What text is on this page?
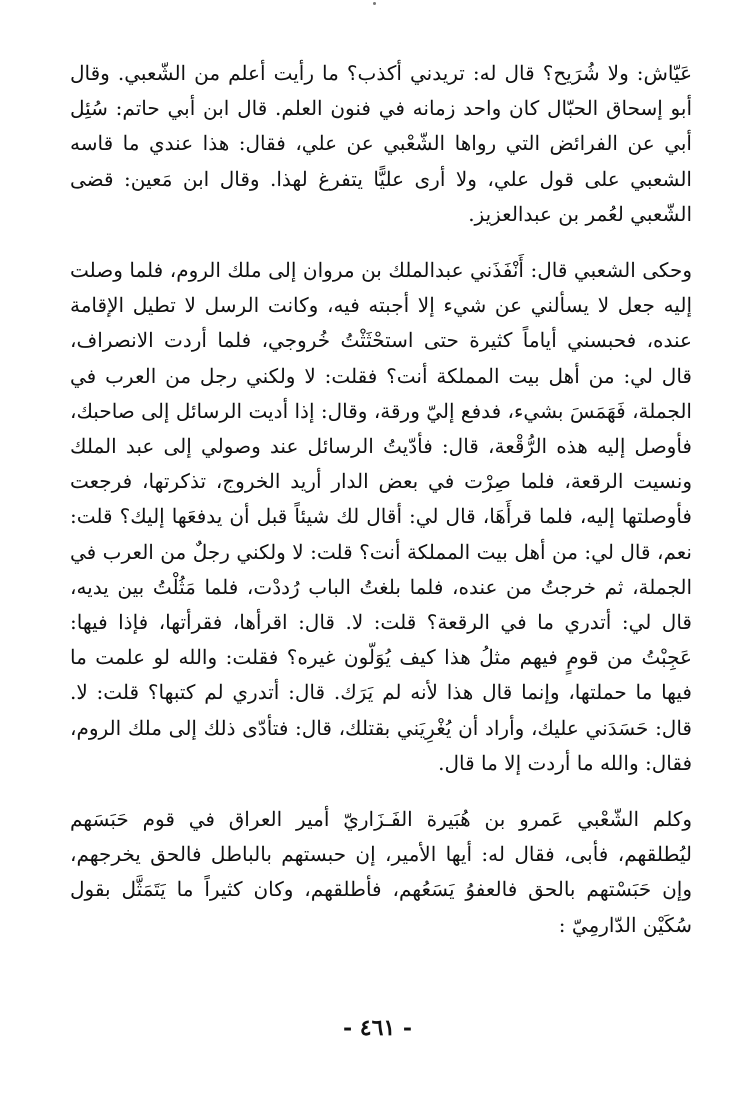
عَيّاش: ولا شُرَيح؟ قال له: تريدني أكذب؟ ما رأيت أعلم من الشّعبي. وقال أبو إسحاق الحبّال كان واحد زمانه في فنون العلم. قال ابن أبي حاتم: سُئِل أبي عن الفرائض التي رواها الشّعْبي عن علي، فقال: هذا عندي ما قاسه الشعبي على قول علي، ولا أرى عليًّا يتفرغ لهذا. وقال ابن مَعين: قضى الشّعبي لعُمر بن عبدالعزيز.

وحكى الشعبي قال: أَنْفَذَني عبدالملك بن مروان إلى ملك الروم، فلما وصلت إليه جعل لا يسألني عن شيء إلا أجبته فيه، وكانت الرسل لا تطيل الإقامة عنده، فحبسني أياماً كثيرة حتى استحْثَثْتُ خُروجي، فلما أردت الانصراف، قال لي: من أهل بيت المملكة أنت؟ فقلت: لا ولكني رجل من العرب في الجملة، فَهَمَسَ بشيء، فدفع إليّ ورقة، وقال: إذا أديت الرسائل إلى صاحبك، فأوصل إليه هذه الرُّقْعة، قال: فأدّيتُ الرسائل عند وصولي إلى عبد الملك ونسيت الرقعة، فلما صِرْت في بعض الدار أريد الخروج، تذكرتها، فرجعت فأوصلتها إليه، فلما قرأَهَا، قال لي: أقال لك شيئاً قبل أن يدفعَها إليك؟ قلت: نعم، قال لي: من أهل بيت المملكة أنت؟ قلت: لا ولكني رجلٌ من العرب في الجملة، ثم خرجتُ من عنده، فلما بلغتُ الباب رُددْت، فلما مَثُلْتُ بين يديه، قال لي: أتدري ما في الرقعة؟ قلت: لا. قال: اقرأها، فقرأتها، فإذا فيها: عَجِبْتُ من قومٍ فيهم مثلُ هذا كيف يُوَلّون غيره؟ فقلت: والله لو علمت ما فيها ما حملتها، وإنما قال هذا لأنه لم يَرَك. قال: أتدري لم كتبها؟ قلت: لا. قال: حَسَدَني عليك، وأراد أن يُغْرِيَني بقتلك، قال: فتأدّى ذلك إلى ملك الروم، فقال: والله ما أردت إلا ما قال.

وكلم الشّعْبي عَمرو بن هُبَيرة الفَـزَاريّ أمير العراق في قوم حَبَسَهم ليُطلقهم، فأبى، فقال له: أيها الأمير، إن حبستهم بالباطل فالحق يخرجهم، وإن حَبَسْتهم بالحق فالعفوُ يَسَعُهم، فأطلقهم، وكان كثيراً ما يَتَمَثَّل بقول سُكَيْن الدّارمِيّ :

- ٤٦١ -
